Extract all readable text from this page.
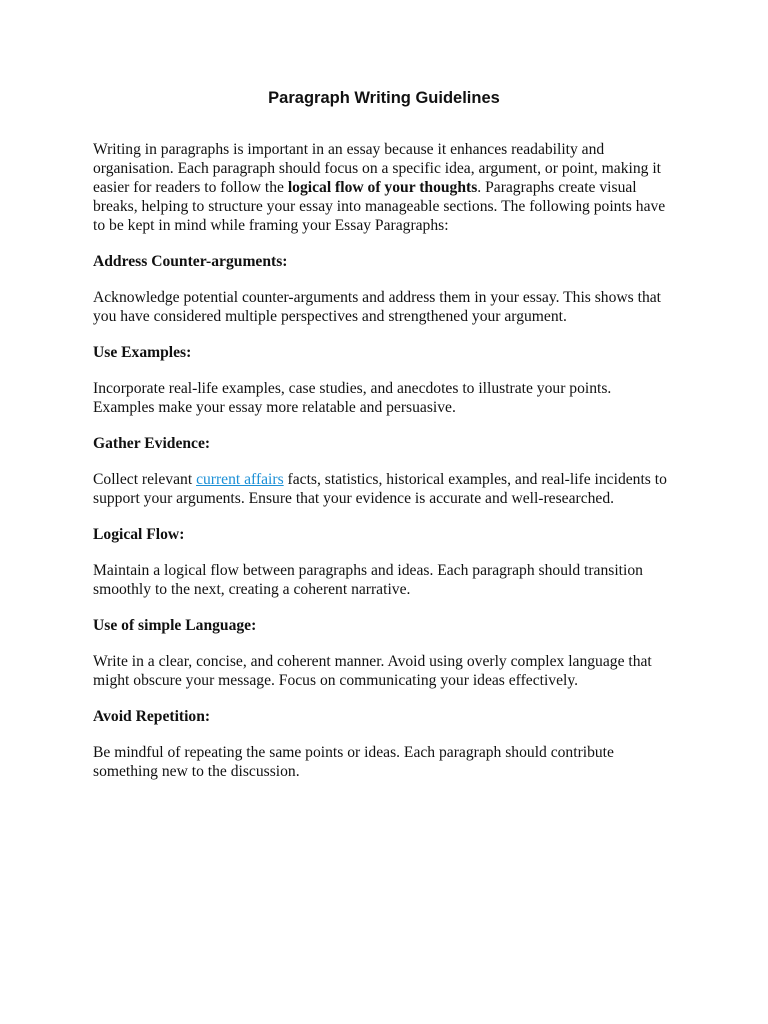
Paragraph Writing Guidelines

Writing in paragraphs is important in an essay because it enhances readability and organisation. Each paragraph should focus on a specific idea, argument, or point, making it easier for readers to follow the logical flow of your thoughts. Paragraphs create visual breaks, helping to structure your essay into manageable sections. The following points have to be kept in mind while framing your Essay Paragraphs:

Address Counter-arguments:

Acknowledge potential counter-arguments and address them in your essay. This shows that you have considered multiple perspectives and strengthened your argument.

Use Examples:

Incorporate real-life examples, case studies, and anecdotes to illustrate your points. Examples make your essay more relatable and persuasive.

Gather Evidence:

Collect relevant current affairs facts, statistics, historical examples, and real-life incidents to support your arguments. Ensure that your evidence is accurate and well-researched.

Logical Flow:

Maintain a logical flow between paragraphs and ideas. Each paragraph should transition smoothly to the next, creating a coherent narrative.

Use of simple Language:

Write in a clear, concise, and coherent manner. Avoid using overly complex language that might obscure your message. Focus on communicating your ideas effectively.

Avoid Repetition:

Be mindful of repeating the same points or ideas. Each paragraph should contribute something new to the discussion.
